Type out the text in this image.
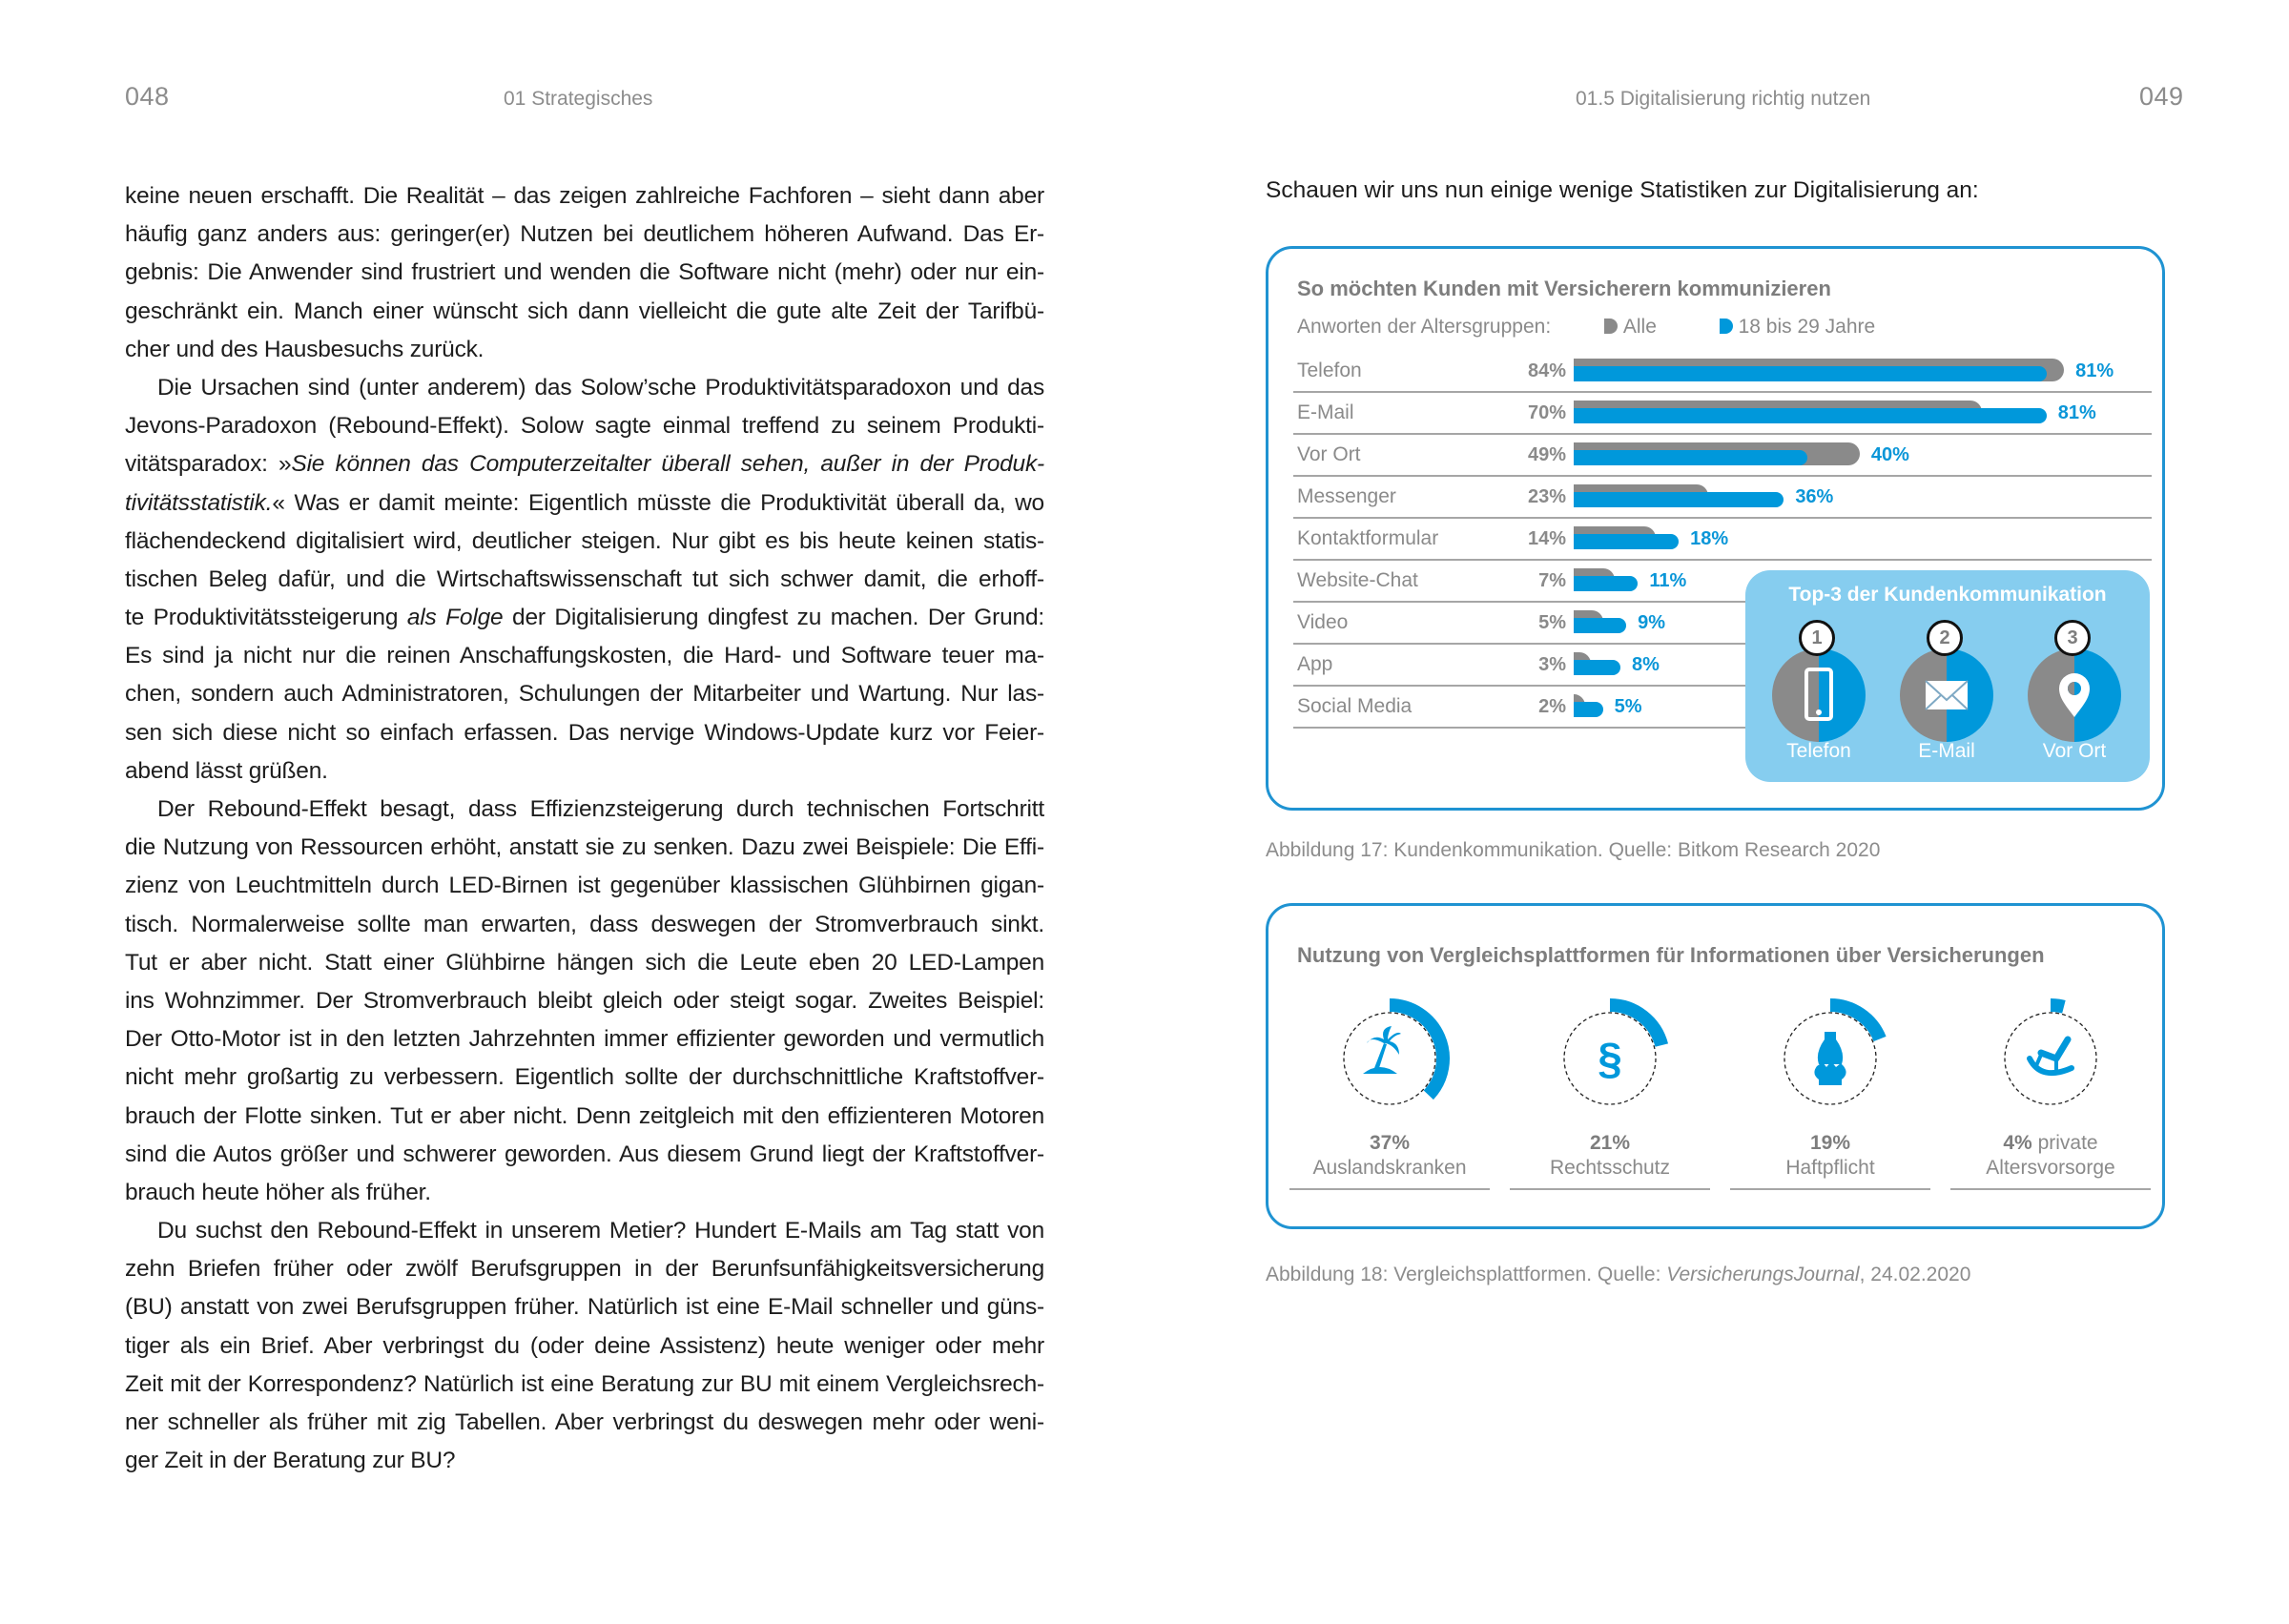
048	01 Strategisches	01.5 Digitalisierung richtig nutzen	049
keine neuen erschafft. Die Realität – das zeigen zahlreiche Fachforen – sieht dann aber
häufig ganz anders aus: geringer(er) Nutzen bei deutlichem höheren Aufwand. Das Er-
gebnis: Die Anwender sind frustriert und wenden die Software nicht (mehr) oder nur ein-
geschränkt ein. Manch einer wünscht sich dann vielleicht die gute alte Zeit der Tarifbü-
cher und des Hausbesuchs zurück.
Die Ursachen sind (unter anderem) das Solow’sche Produktivitätsparadoxon und das
Jevons-Paradoxon (Rebound-Effekt). Solow sagte einmal treffend zu seinem Produkti-
vitätsparadox: »Sie können das Computerzeitalter überall sehen, außer in der Produk-
tivitätsstatistik.« Was er damit meinte: Eigentlich müsste die Produktivität überall da, wo
flächendeckend digitalisiert wird, deutlicher steigen. Nur gibt es bis heute keinen statis-
tischen Beleg dafür, und die Wirtschaftswissenschaft tut sich schwer damit, die erhoff-
te Produktivitätssteigerung als Folge der Digitalisierung dingfest zu machen. Der Grund:
Es sind ja nicht nur die reinen Anschaffungskosten, die Hard- und Software teuer ma-
chen, sondern auch Administratoren, Schulungen der Mitarbeiter und Wartung. Nur las-
sen sich diese nicht so einfach erfassen. Das nervige Windows-Update kurz vor Feier-
abend lässt grüßen.
Der Rebound-Effekt besagt, dass Effizienzsteigerung durch technischen Fortschritt
die Nutzung von Ressourcen erhöht, anstatt sie zu senken. Dazu zwei Beispiele: Die Effi-
zienz von Leuchtmitteln durch LED-Birnen ist gegenüber klassischen Glühbirnen gigan-
tisch. Normalerweise sollte man erwarten, dass deswegen der Stromverbrauch sinkt.
Tut er aber nicht. Statt einer Glühbirne hängen sich die Leute eben 20 LED-Lampen
ins Wohnzimmer. Der Stromverbrauch bleibt gleich oder steigt sogar. Zweites Beispiel:
Der Otto-Motor ist in den letzten Jahrzehnten immer effizienter geworden und vermutlich
nicht mehr großartig zu verbessern. Eigentlich sollte der durchschnittliche Kraftstoffver-
brauch der Flotte sinken. Tut er aber nicht. Denn zeitgleich mit den effizienteren Motoren
sind die Autos größer und schwerer geworden. Aus diesem Grund liegt der Kraftstoffver-
brauch heute höher als früher.
Du suchst den Rebound-Effekt in unserem Metier? Hundert E-Mails am Tag statt von
zehn Briefen früher oder zwölf Berufsgruppen in der Berunfsunfähigkeitsversicherung
(BU) anstatt von zwei Berufsgruppen früher. Natürlich ist eine E-Mail schneller und güns-
tiger als ein Brief. Aber verbringst du (oder deine Assistenz) heute weniger oder mehr
Zeit mit der Korrespondenz? Natürlich ist eine Beratung zur BU mit einem Vergleichsrech-
ner schneller als früher mit zig Tabellen. Aber verbringst du deswegen mehr oder weni-
ger Zeit in der Beratung zur BU?
Schauen wir uns nun einige wenige Statistiken zur Digitalisierung an:
So möchten Kunden mit Versicherern kommunizieren
Anworten der Altersgruppen:	Alle	18 bis 29 Jahre
Telefon	84%	81%
E-Mail	70%	81%
Vor Ort	49%	40%
Messenger	23%	36%
Kontaktformular	14%	18%
Website-Chat	7%	11%
Video	5%	9%
App	3%	8%
Social Media	2%	5%
Top-3 der Kundenkommunikation
1
Telefon
2
E-Mail
3
Vor Ort
Abbildung 17: Kundenkommunikation. Quelle: Bitkom Research 2020
Nutzung von Vergleichsplattformen für Informationen über Versicherungen
37%
Auslandskranken
§
21%
Rechtsschutz
19%
Haftpflicht
4% private
Altersvorsorge
Abbildung 18: Vergleichsplattformen. Quelle: VersicherungsJournal, 24.02.2020
